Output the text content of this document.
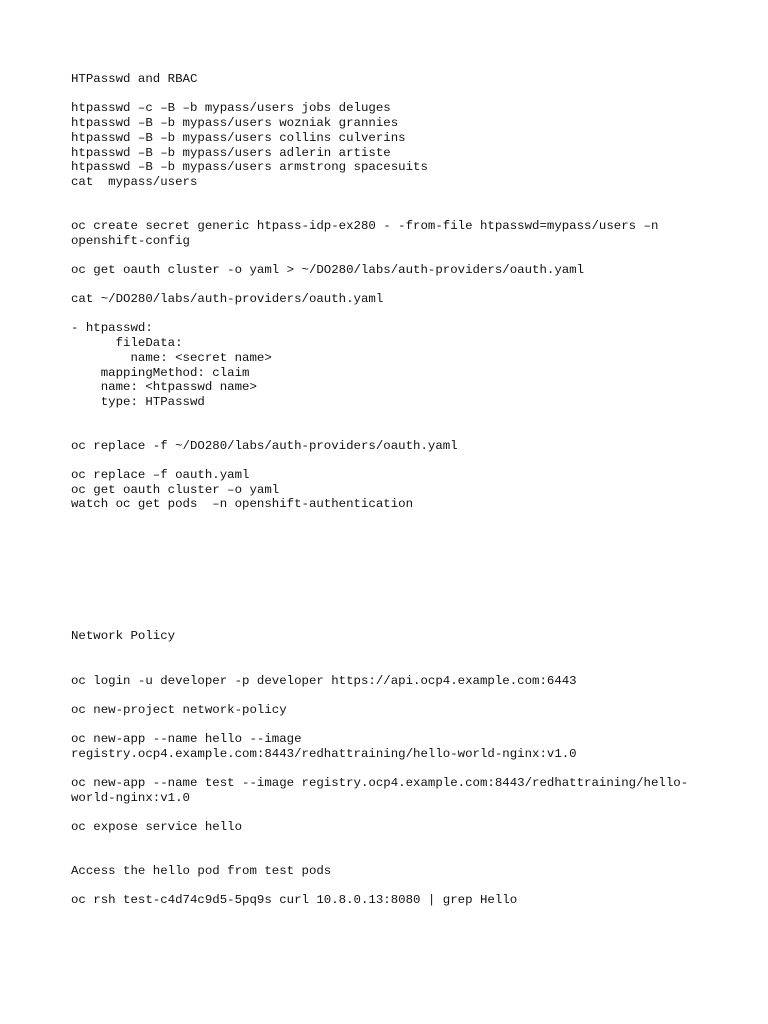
HTPasswd and RBAC
htpasswd –c –B –b mypass/users jobs deluges
htpasswd –B –b mypass/users wozniak grannies
htpasswd –B –b mypass/users collins culverins
htpasswd –B –b mypass/users adlerin artiste
htpasswd –B –b mypass/users armstrong spacesuits
cat  mypass/users
oc create secret generic htpass-idp-ex280 - -from-file htpasswd=mypass/users –n
openshift-config
oc get oauth cluster -o yaml > ~/DO280/labs/auth-providers/oauth.yaml
cat ~/DO280/labs/auth-providers/oauth.yaml
- htpasswd:
fileData:
name: <secret name>
mappingMethod: claim
name: <htpasswd name>
type: HTPasswd
oc replace -f ~/DO280/labs/auth-providers/oauth.yaml
oc replace –f oauth.yaml
oc get oauth cluster –o yaml
watch oc get pods  –n openshift-authentication
Network Policy
oc login -u developer -p developer https://api.ocp4.example.com:6443
oc new-project network-policy
oc new-app --name hello --image
registry.ocp4.example.com:8443/redhattraining/hello-world-nginx:v1.0
oc new-app --name test --image registry.ocp4.example.com:8443/redhattraining/hello-
world-nginx:v1.0
oc expose service hello
Access the hello pod from test pods
oc rsh test-c4d74c9d5-5pq9s curl 10.8.0.13:8080 | grep Hello
